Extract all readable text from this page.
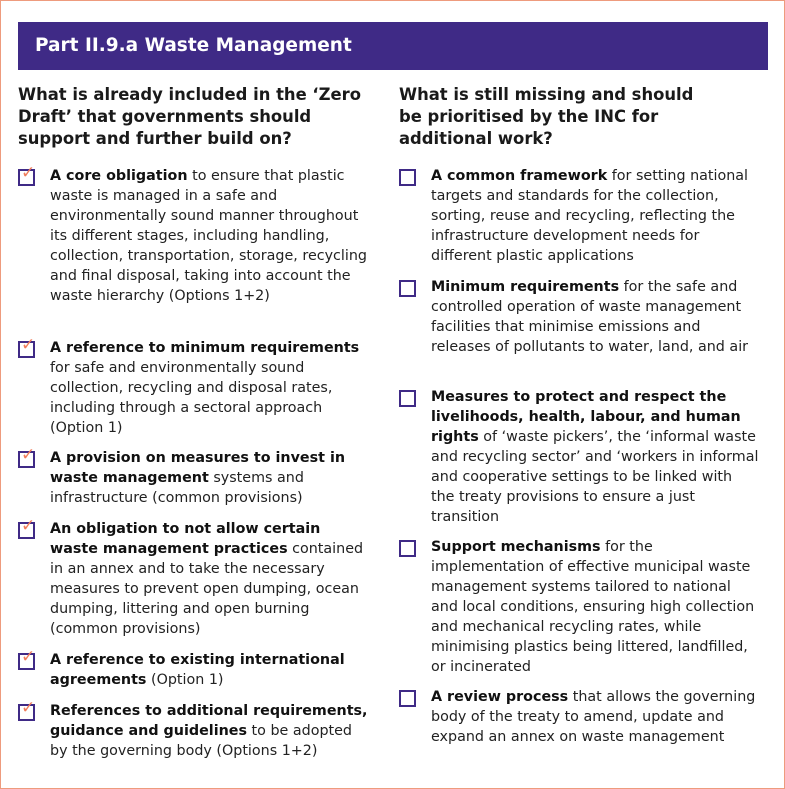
Part II.9.a Waste Management
What is already included in the ‘Zero Draft’ that governments should support and further build on?
✓ A core obligation to ensure that plastic waste is managed in a safe and environmentally sound manner throughout its different stages, including handling, collection, transportation, storage, recycling and final disposal, taking into account the waste hierarchy (Options 1+2)
✓ A reference to minimum requirements for safe and environmentally sound collection, recycling and disposal rates, including through a sectoral approach (Option 1)
✓ A provision on measures to invest in waste management systems and infrastructure (common provisions)
✓ An obligation to not allow certain waste management practices contained in an annex and to take the necessary measures to prevent open dumping, ocean dumping, littering and open burning (common provisions)
✓ A reference to existing international agreements (Option 1)
✓ References to additional requirements, guidance and guidelines to be adopted by the governing body (Options 1+2)
What is still missing and should be prioritised by the INC for additional work?
A common framework for setting national targets and standards for the collection, sorting, reuse and recycling, reflecting the infrastructure development needs for different plastic applications
Minimum requirements for the safe and controlled operation of waste management facilities that minimise emissions and releases of pollutants to water, land, and air
Measures to protect and respect the livelihoods, health, labour, and human rights of ‘waste pickers’, the ‘informal waste and recycling sector’ and ‘workers in informal and cooperative settings to be linked with the treaty provisions to ensure a just transition
Support mechanisms for the implementation of effective municipal waste management systems tailored to national and local conditions, ensuring high collection and mechanical recycling rates, while minimising plastics being littered, landfilled, or incinerated
A review process that allows the governing body of the treaty to amend, update and expand an annex on waste management
